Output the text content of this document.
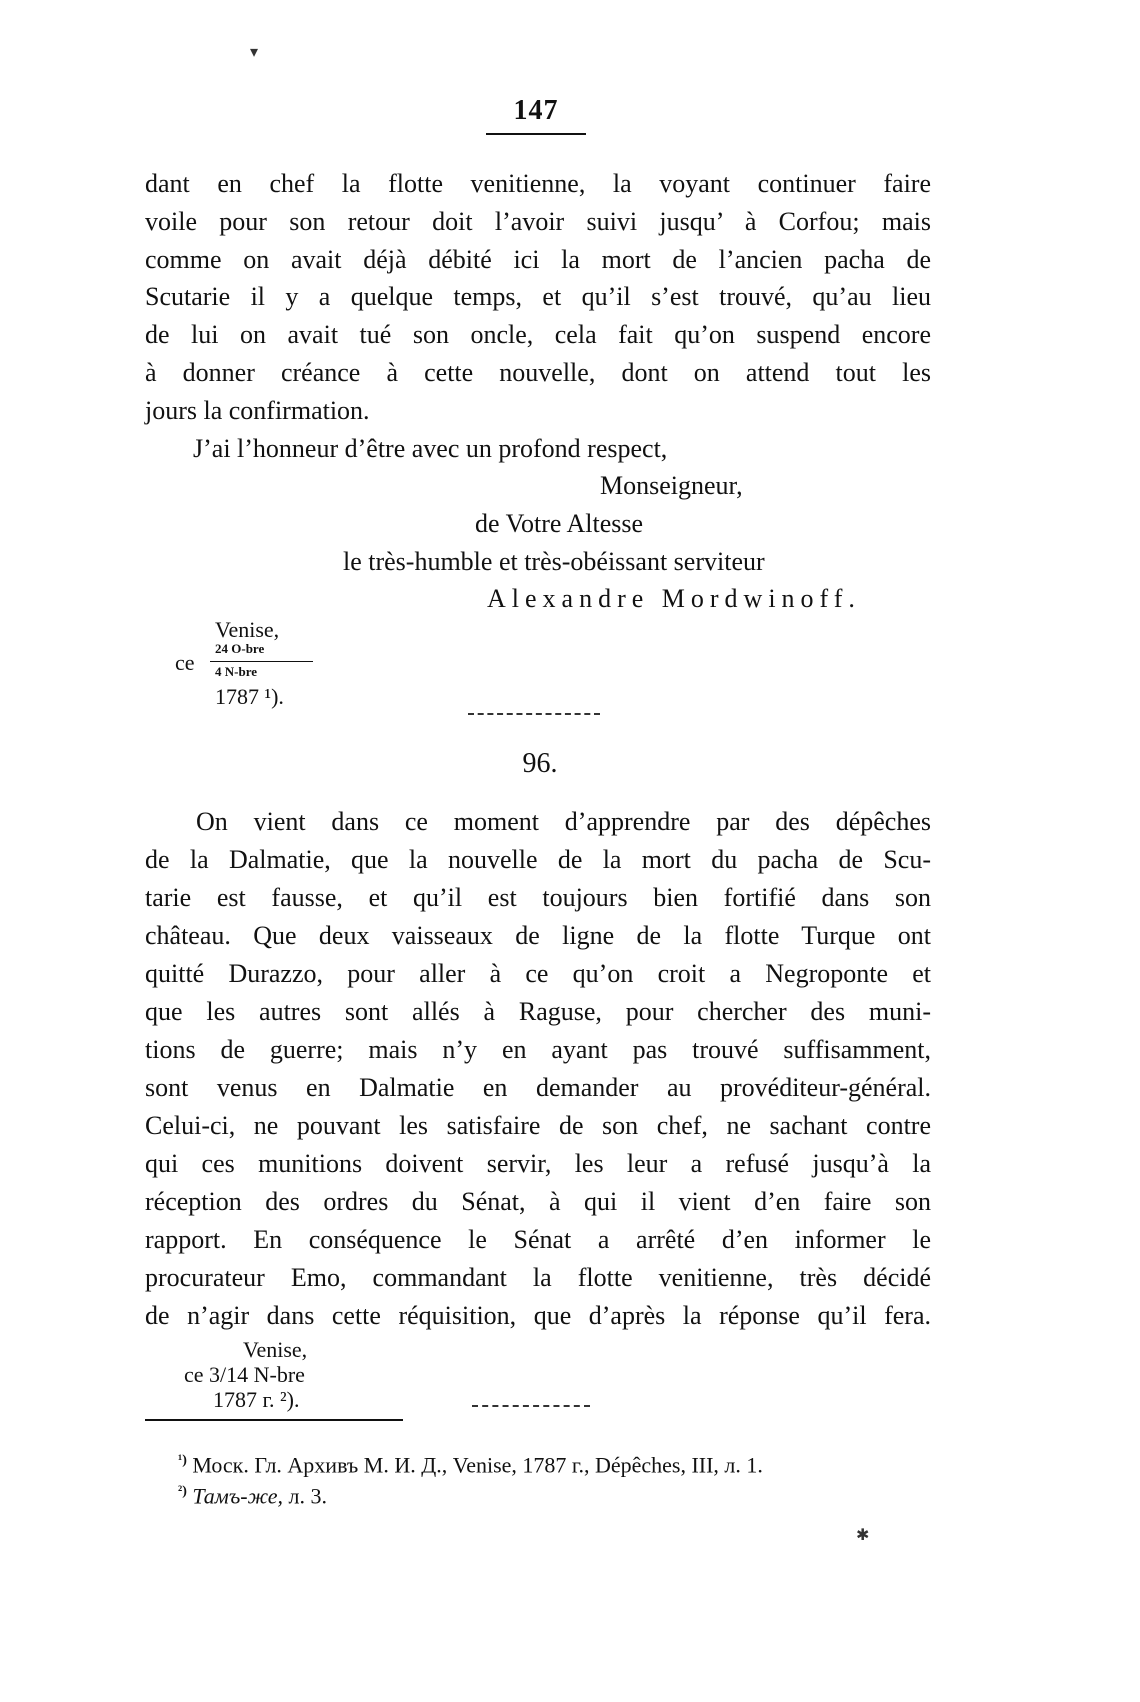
147
dant en chef la flotte venitienne, la voyant continuer faire
voile pour son retour doit l’avoir suivi jusqu’ à Corfou; mais
comme on avait déjà débité ici la mort de l’ancien pacha de
Scutarie il y a quelque temps, et qu’il s’est trouvé, qu’au lieu
de lui on avait tué son oncle, cela fait qu’on suspend encore
à donner créance à cette nouvelle, dont on attend tout les
jours la confirmation.
J’ai l’honneur d’être avec un profond respect,
Monseigneur,
de Votre Altesse
le très-humble et très-obéissant serviteur
Alexandre Mordwinoff.
Venise,
ce
24 O-bre
4 N-bre
1787 ¹).
96.
On vient dans ce moment d’apprendre par des dépêches
de la Dalmatie, que la nouvelle de la mort du pacha de Scu-
tarie est fausse, et qu’il est toujours bien fortifié dans son
château. Que deux vaisseaux de ligne de la flotte Turque ont
quitté Durazzo, pour aller à ce qu’on croit a Negroponte et
que les autres sont allés à Raguse, pour chercher des muni-
tions de guerre; mais n’y en ayant pas trouvé suffisamment,
sont venus en Dalmatie en demander au provéditeur-général.
Celui-ci, ne pouvant les satisfaire de son chef, ne sachant contre
qui ces munitions doivent servir, les leur a refusé jusqu’à la
réception des ordres du Sénat, à qui il vient d’en faire son
rapport. En conséquence le Sénat a arrêté d’en informer le
procurateur Emo, commandant la flotte venitienne, très décidé
de n’agir dans cette réquisition, que d’après la réponse qu’il fera.
Venise,
ce 3/14 N-bre
1787 г. ²).
$^{^1)}$ Моск. Гл. Архивъ М. И. Д., Venise, 1787 г., Dépêches, III, л. 1.
$^{^2)}$ Тамъ-же, л. 3.
▾
✱
